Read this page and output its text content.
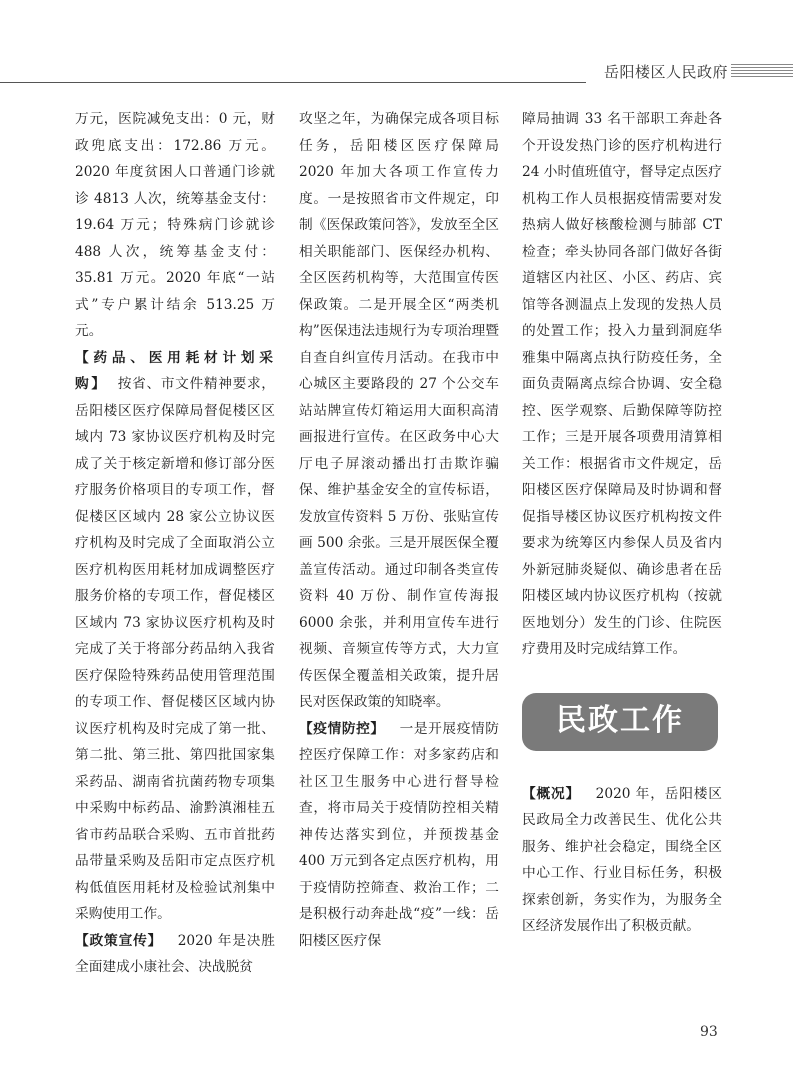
岳阳楼区人民政府

万元，医院减免支出：0 元，财政兜底支出：172.86 万元。2020 年度贫困人口普通门诊就诊 4813 人次，统筹基金支付：19.64 万元；特殊病门诊就诊 488 人次，统筹基金支付：35.81 万元。2020 年底“一站式”专户累计结余 513.25 万元。

【药品、医用耗材计划采购】 按省、市文件精神要求，岳阳楼区医疗保障局督促楼区区域内 73 家协议医疗机构及时完成了关于核定新增和修订部分医疗服务价格项目的专项工作，督促楼区区域内 28 家公立协议医疗机构及时完成了全面取消公立医疗机构医用耗材加成调整医疗服务价格的专项工作，督促楼区区域内 73 家协议医疗机构及时完成了关于将部分药品纳入我省医疗保险特殊药品使用管理范围的专项工作、督促楼区区域内协议医疗机构及时完成了第一批、第二批、第三批、第四批国家集采药品、湖南省抗菌药物专项集中采购中标药品、渝黔滇湘桂五省市药品联合采购、五市首批药品带量采购及岳阳市定点医疗机构低值医用耗材及检验试剂集中采购使用工作。

【政策宣传】 2020 年是决胜全面建成小康社会、决战脱贫

攻坚之年，为确保完成各项目标任务，岳阳楼区医疗保障局 2020 年加大各项工作宣传力度。一是按照省市文件规定，印制《医保政策问答》，发放至全区相关职能部门、医保经办机构、全区医药机构等，大范围宣传医保政策。二是开展全区“两类机构”医保违法违规行为专项治理暨自查自纠宣传月活动。在我市中心城区主要路段的 27 个公交车站站牌宣传灯箱运用大面积高清画报进行宣传。在区政务中心大厅电子屏滚动播出打击欺诈骗保、维护基金安全的宣传标语，发放宣传资料 5 万份、张贴宣传画 500 余张。三是开展医保全覆盖宣传活动。通过印制各类宣传资料 40 万份、制作宣传海报 6000 余张，并利用宣传车进行视频、音频宣传等方式，大力宣传医保全覆盖相关政策，提升居民对医保政策的知晓率。

【疫情防控】 一是开展疫情防控医疗保障工作：对多家药店和社区卫生服务中心进行督导检查，将市局关于疫情防控相关精神传达落实到位，并预拨基金 400 万元到各定点医疗机构，用于疫情防控筛查、救治工作；二是积极行动奔赴战“疫”一线：岳阳楼区医疗保

障局抽调 33 名干部职工奔赴各个开设发热门诊的医疗机构进行 24 小时值班值守，督导定点医疗机构工作人员根据疫情需要对发热病人做好核酸检测与肺部 CT 检查；牵头协同各部门做好各街道辖区内社区、小区、药店、宾馆等各测温点上发现的发热人员的处置工作；投入力量到洞庭华雅集中隔离点执行防疫任务，全面负责隔离点综合协调、安全稳控、医学观察、后勤保障等防控工作；三是开展各项费用清算相关工作：根据省市文件规定，岳阳楼区医疗保障局及时协调和督促指导楼区协议医疗机构按文件要求为统筹区内参保人员及省内外新冠肺炎疑似、确诊患者在岳阳楼区域内协议医疗机构（按就医地划分）发生的门诊、住院医疗费用及时完成结算工作。

民政工作

【概况】 2020 年，岳阳楼区民政局全力改善民生、优化公共服务、维护社会稳定，围绕全区中心工作、行业目标任务，积极探索创新，务实作为，为服务全区经济发展作出了积极贡献。

93
